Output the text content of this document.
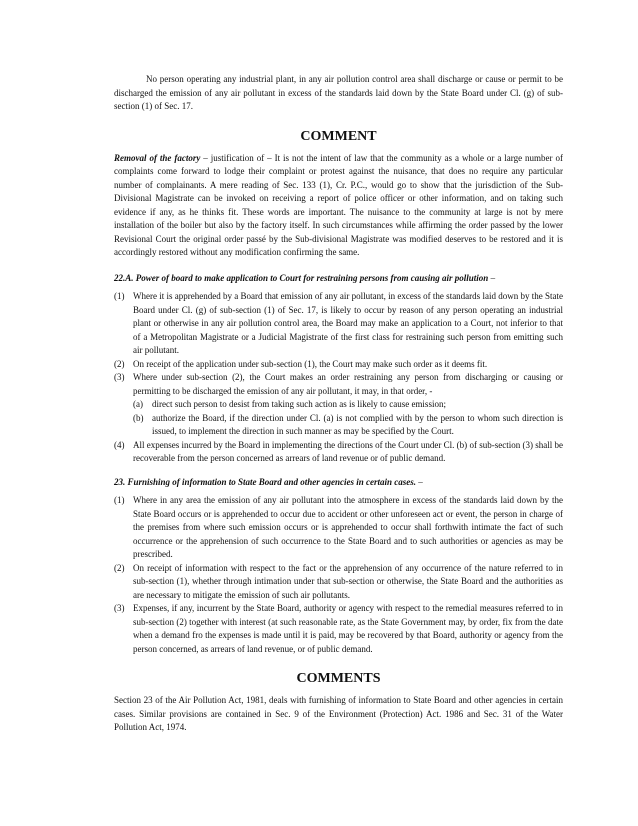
No person operating any industrial plant, in any air pollution control area shall discharge or cause or permit to be discharged the emission of any air pollutant in excess of the standards laid down by the State Board under Cl. (g) of sub-section (1) of Sec. 17.

COMMENT

Removal of the factory – justification of – It is not the intent of law that the community as a whole or a large number of complaints come forward to lodge their complaint or protest against the nuisance, that does no require any particular number of complainants. A mere reading of Sec. 133 (1), Cr. P.C., would go to show that the jurisdiction of the Sub-Divisional Magistrate can be invoked on receiving a report of police officer or other information, and on taking such evidence if any, as he thinks fit. These words are important. The nuisance to the community at large is not by mere installation of the boiler but also by the factory itself. In such circumstances while affirming the order passed by the lower Revisional Court the original order passé by the Sub-divisional Magistrate was modified deserves to be restored and it is accordingly restored without any modification confirming the same.

22.A. Power of board to make application to Court for restraining persons from causing air pollution –

(1) Where it is apprehended by a Board that emission of any air pollutant, in excess of the standards laid down by the State Board under Cl. (g) of sub-section (1) of Sec. 17, is likely to occur by reason of any person operating an industrial plant or otherwise in any air pollution control area, the Board may make an application to a Court, not inferior to that of a Metropolitan Magistrate or a Judicial Magistrate of the first class for restraining such person from emitting such air pollutant.
(2) On receipt of the application under sub-section (1), the Court may make such order as it deems fit.
(3) Where under sub-section (2), the Court makes an order restraining any person from discharging or causing or permitting to be discharged the emission of any air pollutant, it may, in that order, -
(a) direct such person to desist from taking such action as is likely to cause emission;
(b) authorize the Board, if the direction under Cl. (a) is not complied with by the person to whom such direction is issued, to implement the direction in such manner as may be specified by the Court.
(4) All expenses incurred by the Board in implementing the directions of the Court under Cl. (b) of sub-section (3) shall be recoverable from the person concerned as arrears of land revenue or of public demand.

23. Furnishing of information to State Board and other agencies in certain cases. –

(1) Where in any area the emission of any air pollutant into the atmosphere in excess of the standards laid down by the State Board occurs or is apprehended to occur due to accident or other unforeseen act or event, the person in charge of the premises from where such emission occurs or is apprehended to occur shall forthwith intimate the fact of such occurrence or the apprehension of such occurrence to the State Board and to such authorities or agencies as may be prescribed.
(2) On receipt of information with respect to the fact or the apprehension of any occurrence of the nature referred to in sub-section (1), whether through intimation under that sub-section or otherwise, the State Board and the authorities as are necessary to mitigate the emission of such air pollutants.
(3) Expenses, if any, incurrent by the State Board, authority or agency with respect to the remedial measures referred to in sub-section (2) together with interest (at such reasonable rate, as the State Government may, by order, fix from the date when a demand fro the expenses is made until it is paid, may be recovered by that Board, authority or agency from the person concerned, as arrears of land revenue, or of public demand.
COMMENTS

Section 23 of the Air Pollution Act, 1981, deals with furnishing of information to State Board and other agencies in certain cases. Similar provisions are contained in Sec. 9 of the Environment (Protection) Act. 1986 and Sec. 31 of the Water Pollution Act, 1974.
